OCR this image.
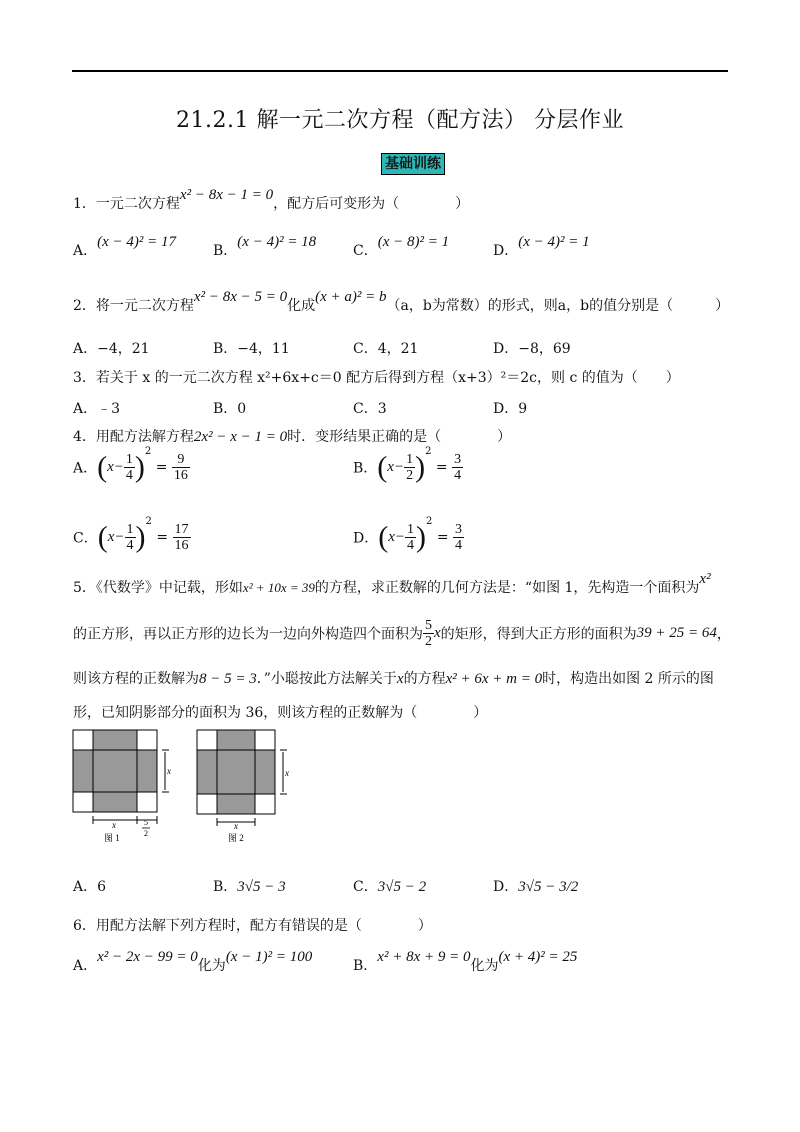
21.2.1 解一元二次方程（配方法） 分层作业
基础训练
1．一元二次方程x² − 8x − 1 = 0，配方后可变形为（　　　　）
A．(x − 4)² = 17
B．(x − 4)² = 18
C．(x − 8)² = 1
D．(x − 4)² = 1
2．将一元二次方程x² − 8x − 5 = 0化成(x + a)² = b（a，b为常数）的形式，则a，b的值分别是（　　　）
A．−4，21	B．−4，11	C．4，21	D．−8，69
3．若关于 x 的一元二次方程 x²+6x+c＝0 配方后得到方程（x+3）²＝2c，则 c 的值为（　　）
A．﹣3	B．0	C．3	D．9
4．用配方法解方程2x² − x − 1 = 0时．变形结果正确的是（　　　　）
A．$(x- \frac{1}{4} )^2 = \frac{9}{16}$	B．$(x- \frac{1}{2} )^2 = \frac{3}{4}$
C．$(x- \frac{1}{4} )^2 = \frac{17}{16}$	D．$(x- \frac{1}{4} )^2 = \frac{3}{4}$
5．《代数学》中记载，形如x² + 10x = 39的方程，求正数解的几何方法是：“如图 1，先构造一个面积为x²
的正方形，再以正方形的边长为一边向外构造四个面积为 $\frac{5}{2}$ x的矩形，得到大正方形的面积为39 + 25 = 64，
则该方程的正数解为8 − 5 = 3．”小聪按此方法解关于x的方程x² + 6x + m = 0时，构造出如图 2 所示的图
形，已知阴影部分的面积为 36，则该方程的正数解为（　　　　）
x
x	5
2
图 1
x
x
图 2
A．6	B．3√5 − 3	C．3√5 − 2	D．3√5 − 3/2
6．用配方法解下列方程时，配方有错误的是（　　　　）
A．x² − 2x − 99 = 0化为(x − 1)² = 100
B．x² + 8x + 9 = 0化为(x + 4)² = 25
